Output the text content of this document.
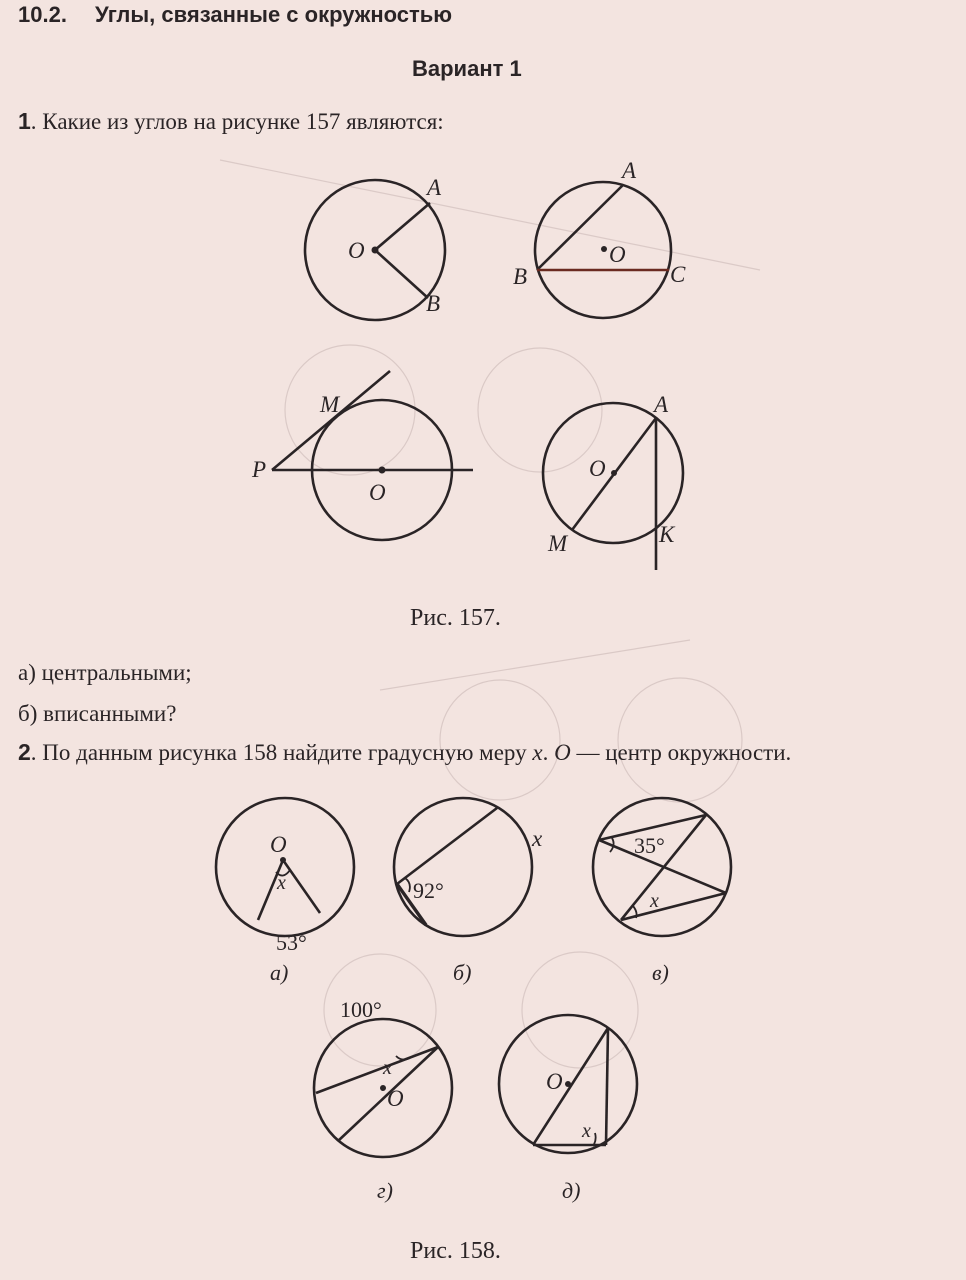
10.2. Углы, связанные с окружностью
Вариант 1
1. Какие из углов на рисунке 157 являются:
A
O
B
A
O
B	C
M
P
O
A
O
M	K
Рис. 157.
O
x
53°
а)
x
92°
б)
35°
x
в)
100°
x
O
г)
O
x
д)
Рис. 158.
а) центральными;
б) вписанными?
2. По данным рисунка 158 найдите градусную меру x. O — центр окружности.
